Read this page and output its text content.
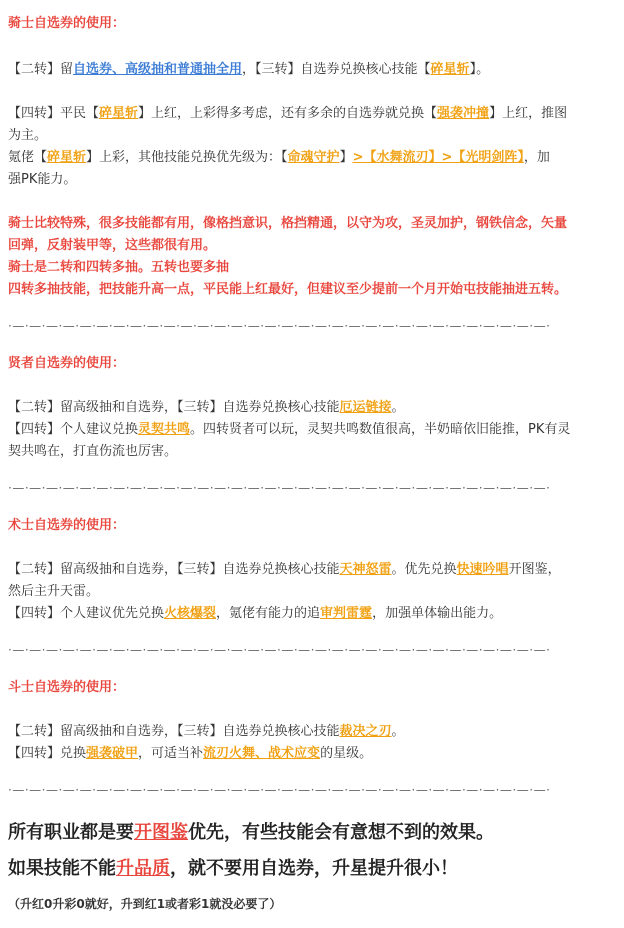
骑士自选券的使用：
【二转】留自选券、高级抽和普通抽全用，【三转】自选券兑换核心技能【碎星斩】。
【四转】平民【碎星斩】上红，上彩得多考虑，还有多余的自选券就兑换【强袭冲撞】上红，推图
为主。
氪佬【碎星斩】上彩，其他技能兑换优先级为：【命魂守护】>【水舞流刃】>【光明剑阵】，加
强PK能力。
骑士比较特殊，很多技能都有用，像格挡意识，格挡精通，以守为攻，圣灵加护，钢铁信念，矢量
回弹，反射装甲等，这些都很有用。
骑士是二转和四转多抽。五转也要多抽
四转多抽技能，把技能升高一点，平民能上红最好，但建议至少提前一个月开始屯技能抽进五转。
·—·—·—·—·—·—·—·—·—·—·—·—·—·—·—·—·—·—·—·—·—·—·—·—·—·—·—·—·—·—·—·—·
贤者自选券的使用：
【二转】留高级抽和自选券，【三转】自选券兑换核心技能厄运链接。
【四转】个人建议兑换灵契共鸣。四转贤者可以玩，灵契共鸣数值很高，半奶暗依旧能推，PK有灵
契共鸣在，打直伤流也厉害。
·—·—·—·—·—·—·—·—·—·—·—·—·—·—·—·—·—·—·—·—·—·—·—·—·—·—·—·—·—·—·—·—·
术士自选券的使用：
【二转】留高级抽和自选券，【三转】自选券兑换核心技能天神怒雷。优先兑换快速吟唱开图鉴，
然后主升天雷。
【四转】个人建议优先兑换火核爆裂，氪佬有能力的追审判雷霆，加强单体输出能力。
·—·—·—·—·—·—·—·—·—·—·—·—·—·—·—·—·—·—·—·—·—·—·—·—·—·—·—·—·—·—·—·—·
斗士自选券的使用：
【二转】留高级抽和自选券，【三转】自选券兑换核心技能裁决之刃。
【四转】兑换强袭破甲，可适当补流刃火舞、战术应变的星级。
·—·—·—·—·—·—·—·—·—·—·—·—·—·—·—·—·—·—·—·—·—·—·—·—·—·—·—·—·—·—·—·—·
所有职业都是要开图鉴优先，有些技能会有意想不到的效果。
如果技能不能升品质，就不要用自选券，升星提升很小！
（升红0升彩0就好，升到红1或者彩1就没必要了）
